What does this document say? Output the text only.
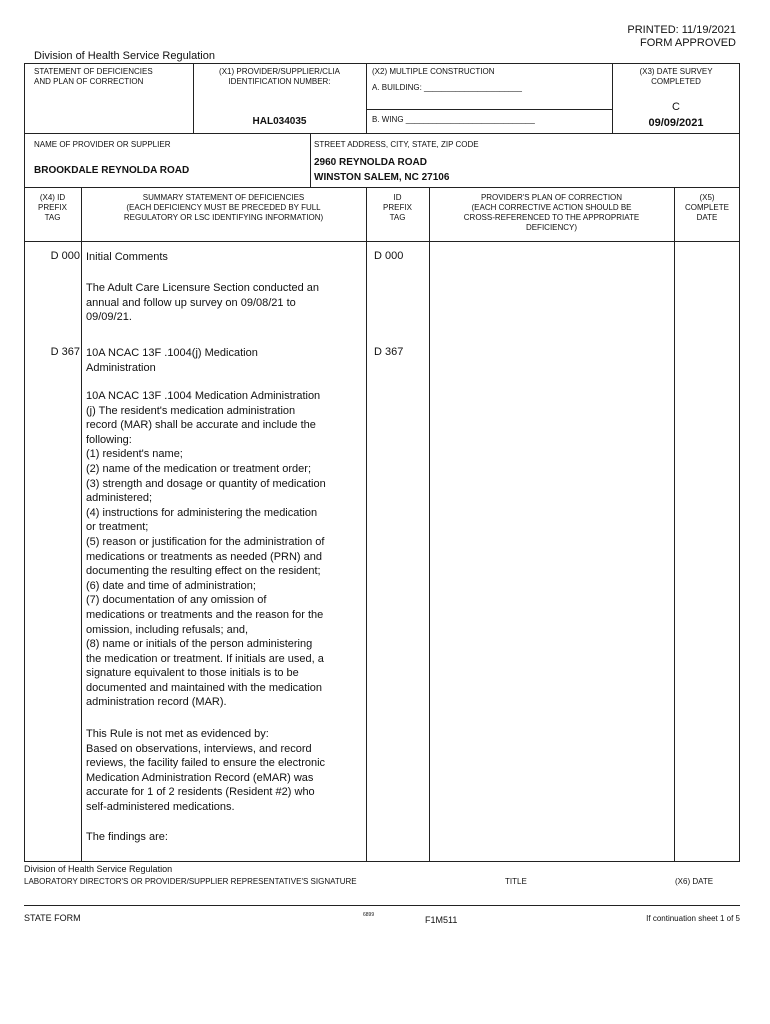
PRINTED: 11/19/2021
FORM APPROVED
Division of Health Service Regulation
STATEMENT OF DEFICIENCIES
AND PLAN OF CORRECTION
(X1) PROVIDER/SUPPLIER/CLIA
IDENTIFICATION NUMBER:
HAL034035
(X2) MULTIPLE CONSTRUCTION
A. BUILDING: ______________________
B. WING _____________________________
(X3) DATE SURVEY
COMPLETED
C
09/09/2021
NAME OF PROVIDER OR SUPPLIER
BROOKDALE REYNOLDA ROAD
STREET ADDRESS, CITY, STATE, ZIP CODE
2960 REYNOLDA ROAD
WINSTON SALEM, NC 27106
(X4) ID
PREFIX
TAG
SUMMARY STATEMENT OF DEFICIENCIES
(EACH DEFICIENCY MUST BE PRECEDED BY FULL
REGULATORY OR LSC IDENTIFYING INFORMATION)
ID
PREFIX
TAG
PROVIDER'S PLAN OF CORRECTION
(EACH CORRECTIVE ACTION SHOULD BE
CROSS-REFERENCED TO THE APPROPRIATE
DEFICIENCY)
(X5)
COMPLETE
DATE
D 000 Initial Comments	D 000
The Adult Care Licensure Section conducted an
annual and follow up survey on 09/08/21 to
09/09/21.
D 367 10A NCAC 13F .1004(j) Medication
Administration
D 367
10A NCAC 13F .1004 Medication Administration
(j) The resident's medication administration
record (MAR) shall be accurate and include the
following:
(1) resident's name;
(2) name of the medication or treatment order;
(3) strength and dosage or quantity of medication
administered;
(4) instructions for administering the medication
or treatment;
(5) reason or justification for the administration of
medications or treatments as needed (PRN) and
documenting the resulting effect on the resident;
(6) date and time of administration;
(7) documentation of any omission of
medications or treatments and the reason for the
omission, including refusals; and,
(8) name or initials of the person administering
the medication or treatment. If initials are used, a
signature equivalent to those initials is to be
documented and maintained with the medication
administration record (MAR).
This Rule is not met as evidenced by:
Based on observations, interviews, and record
reviews, the facility failed to ensure the electronic
Medication Administration Record (eMAR) was
accurate for 1 of 2 residents (Resident #2) who
self-administered medications.
The findings are:
Division of Health Service Regulation
LABORATORY DIRECTOR'S OR PROVIDER/SUPPLIER REPRESENTATIVE'S SIGNATURE	TITLE	(X6) DATE
STATE FORM	6899	F1M511	If continuation sheet 1 of 5
